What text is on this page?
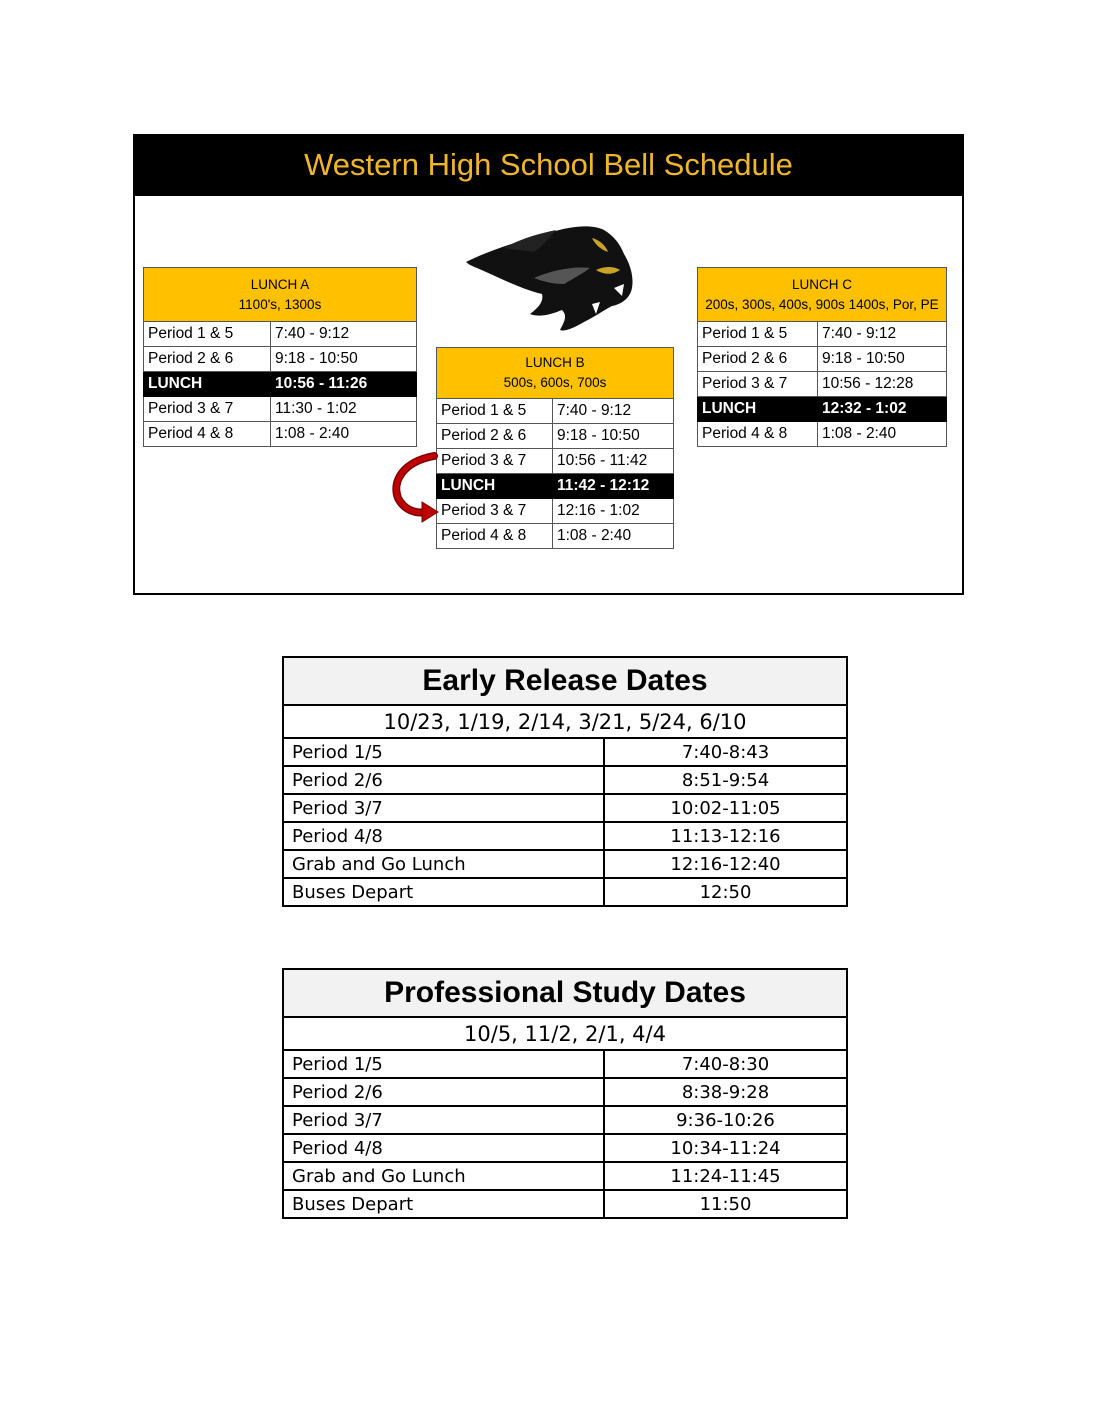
Western High School Bell Schedule
LUNCH A
1100's, 1300s	
Period 1 & 5	7:40 - 9:12
Period 2 & 6	9:18 - 10:50
LUNCH	10:56 - 11:26
Period 3 & 7	11:30 - 1:02
Period 4 & 8	1:08 - 2:40
LUNCH B
500s, 600s, 700s	
Period 1 & 5	7:40 - 9:12
Period 2 & 6	9:18 - 10:50
Period 3 & 7	10:56 - 11:42
LUNCH	11:42 - 12:12
Period 3 & 7	12:16 - 1:02
Period 4 & 8	1:08 - 2:40
LUNCH C
200s, 300s, 400s, 900s 1400s, Por, PE	
Period 1 & 5	7:40 - 9:12
Period 2 & 6	9:18 - 10:50
Period 3 & 7	10:56 - 12:28
LUNCH	12:32 - 1:02
Period 4 & 8	1:08 - 2:40
Early Release Dates	
10/23, 1/19, 2/14, 3/21, 5/24, 6/10	
Period 1/5	7:40-8:43
Period 2/6	8:51-9:54
Period 3/7	10:02-11:05
Period 4/8	11:13-12:16
Grab and Go Lunch	12:16-12:40
Buses Depart	12:50
Professional Study Dates	
10/5, 11/2, 2/1, 4/4	
Period 1/5	7:40-8:30
Period 2/6	8:38-9:28
Period 3/7	9:36-10:26
Period 4/8	10:34-11:24
Grab and Go Lunch	11:24-11:45
Buses Depart	11:50
